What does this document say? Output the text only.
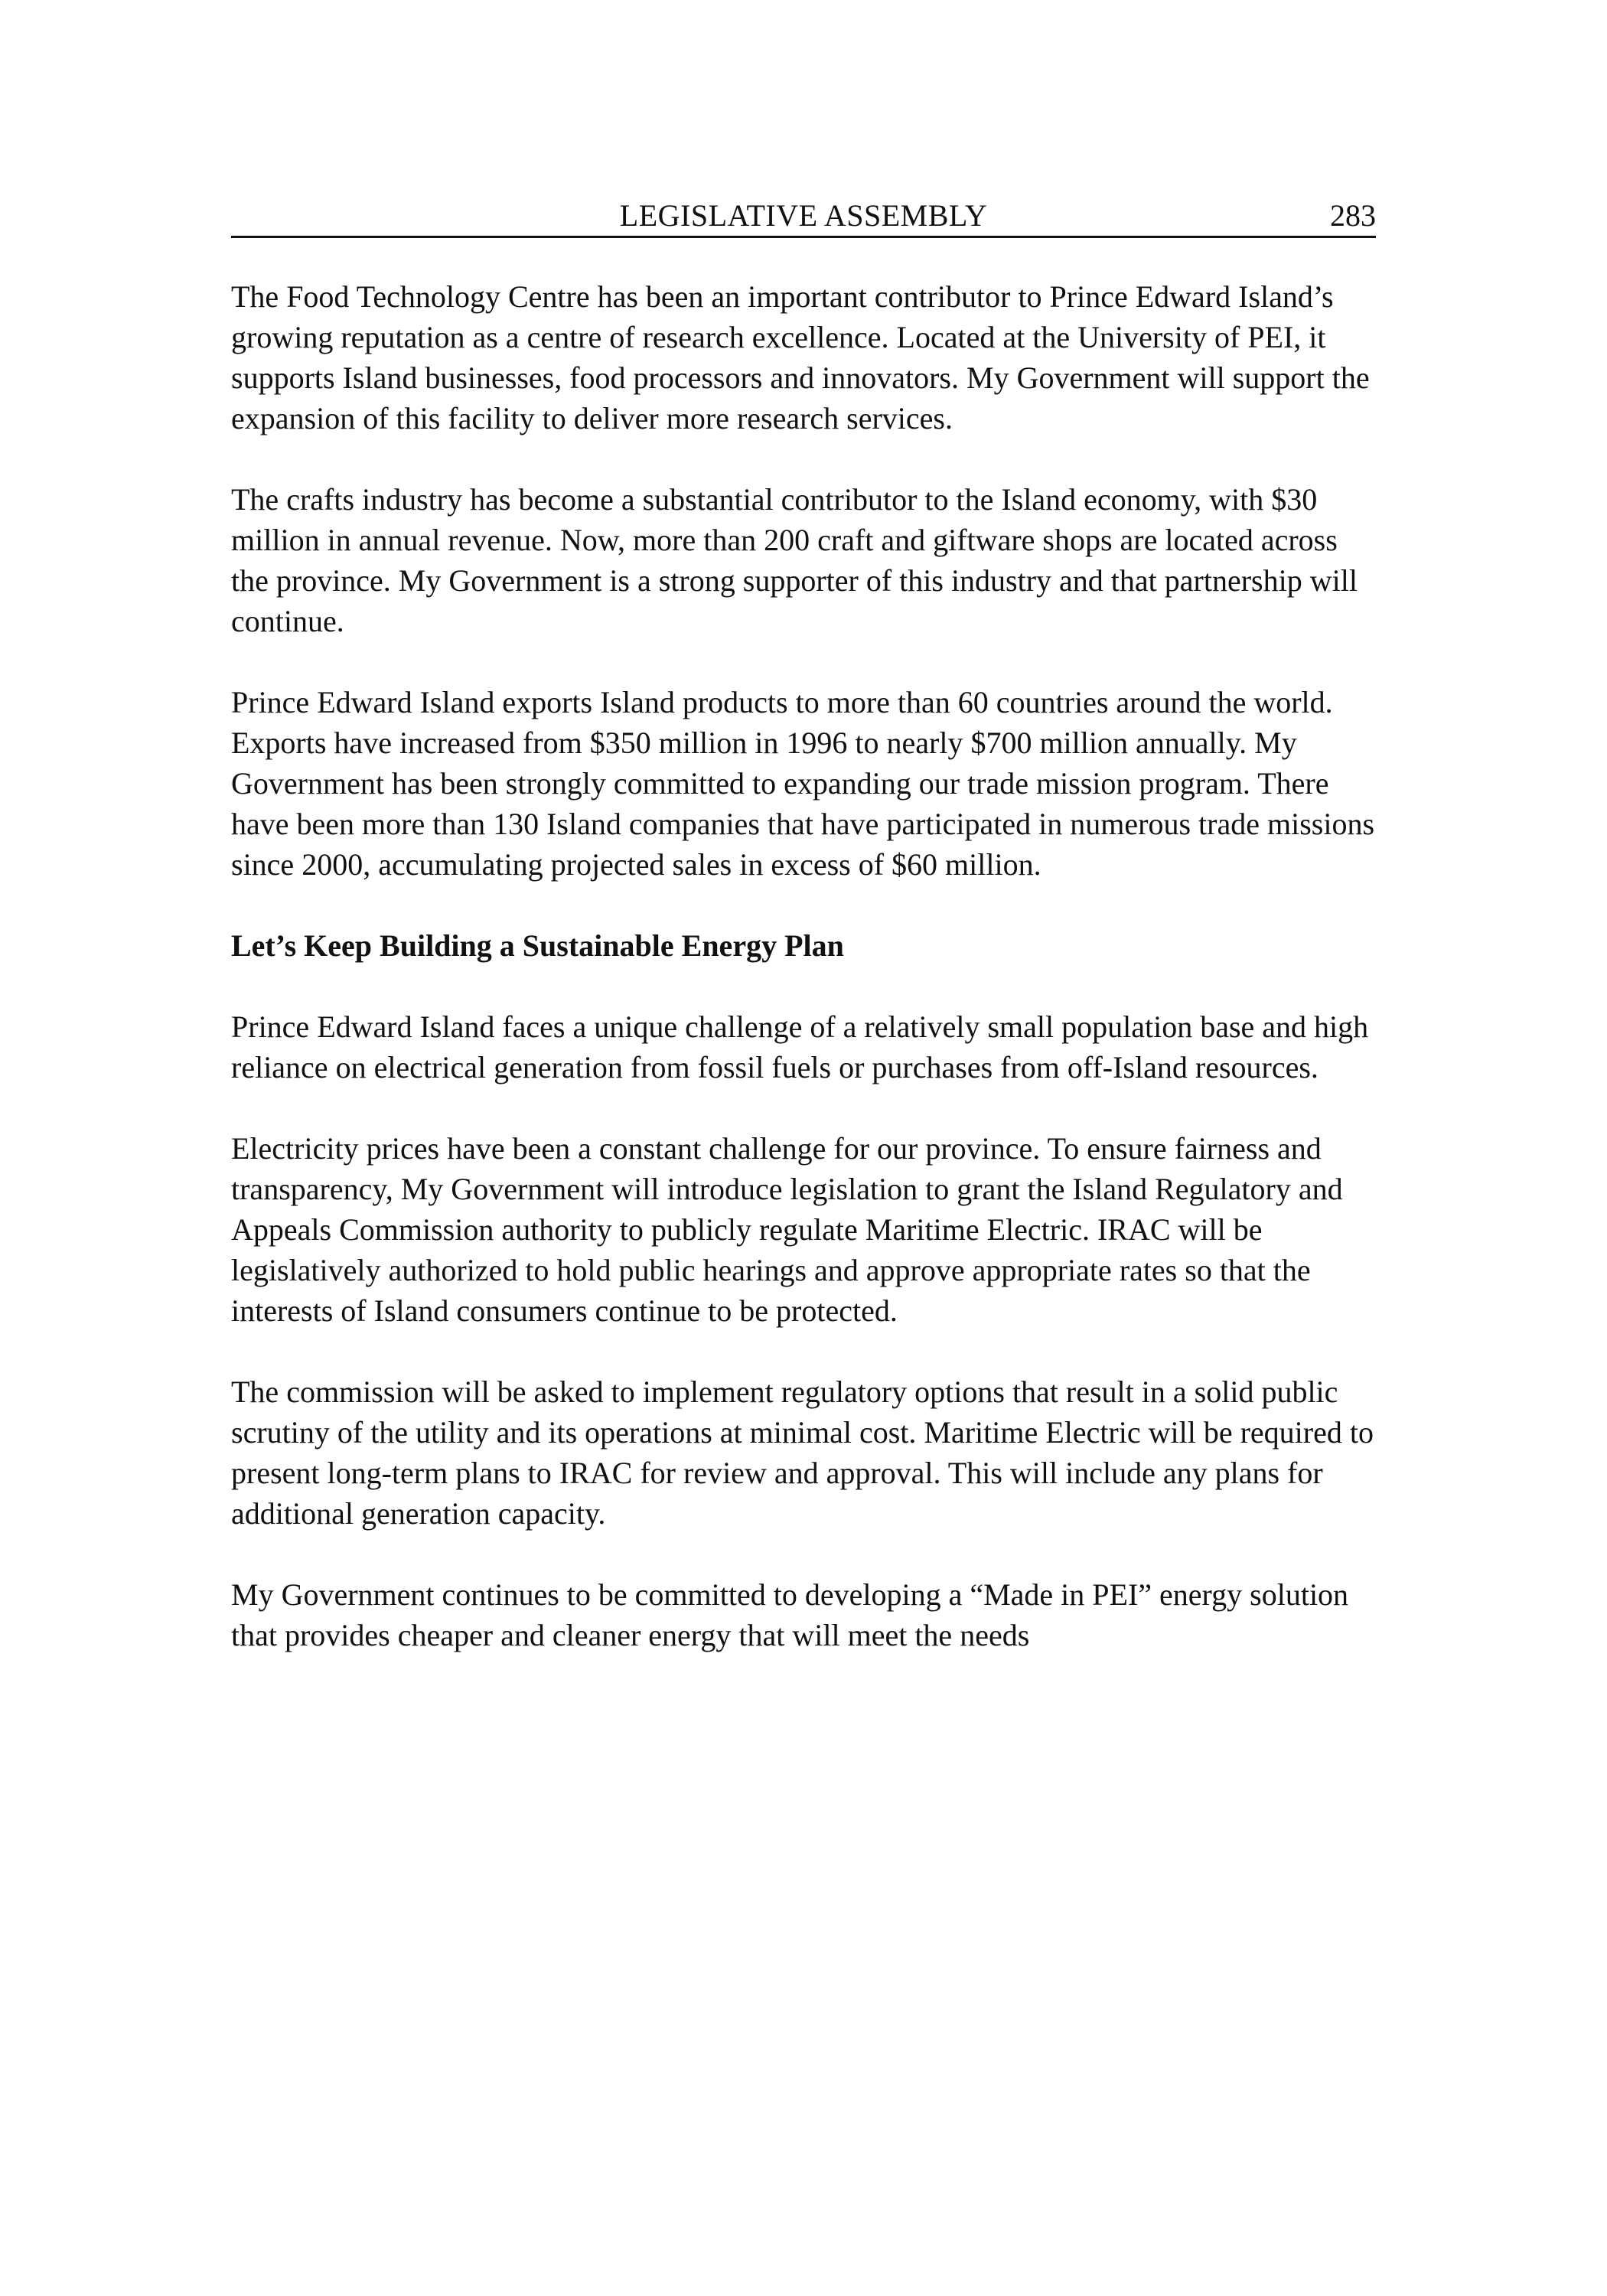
LEGISLATIVE ASSEMBLY	283

The Food Technology Centre has been an important contributor to Prince Edward Island’s growing reputation as a centre of research excellence. Located at the University of PEI, it supports Island businesses, food processors and innovators. My Government will support the expansion of this facility to deliver more research services.

The crafts industry has become a substantial contributor to the Island economy, with $30 million in annual revenue. Now, more than 200 craft and giftware shops are located across the province. My Government is a strong supporter of this industry and that partnership will continue.

Prince Edward Island exports Island products to more than 60 countries around the world. Exports have increased from $350 million in 1996 to nearly $700 million annually. My Government has been strongly committed to expanding our trade mission program. There have been more than 130 Island companies that have participated in numerous trade missions since 2000, accumulating projected sales in excess of $60 million.

Let’s Keep Building a Sustainable Energy Plan

Prince Edward Island faces a unique challenge of a relatively small population base and high reliance on electrical generation from fossil fuels or purchases from off-Island resources.

Electricity prices have been a constant challenge for our province. To ensure fairness and transparency, My Government will introduce legislation to grant the Island Regulatory and Appeals Commission authority to publicly regulate Maritime Electric. IRAC will be legislatively authorized to hold public hearings and approve appropriate rates so that the interests of Island consumers continue to be protected.

The commission will be asked to implement regulatory options that result in a solid public scrutiny of the utility and its operations at minimal cost. Maritime Electric will be required to present long-term plans to IRAC for review and approval. This will include any plans for additional generation capacity.

My Government continues to be committed to developing a “Made in PEI” energy solution that provides cheaper and cleaner energy that will meet the needs
